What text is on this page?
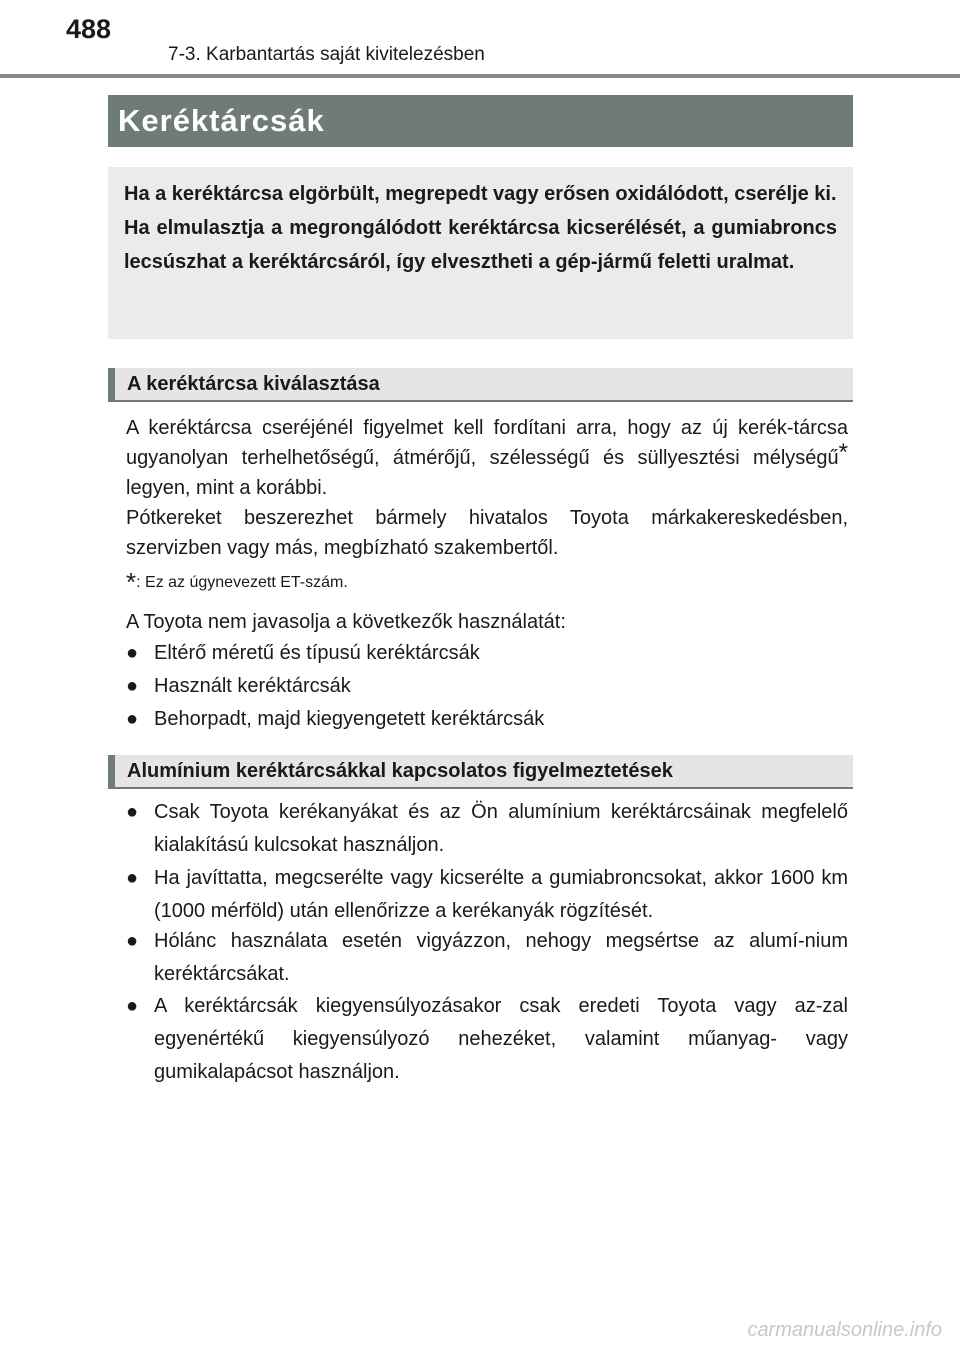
488
7-3. Karbantartás saját kivitelezésben
Keréktárcsák

Ha a keréktárcsa elgörbült, megrepedt vagy erősen oxidálódott, cserélje ki.

Ha elmulasztja a megrongálódott keréktárcsa kicserélését, a gumiabroncs lecsúszhat a keréktárcsáról, így elvesztheti a gép-jármű feletti uralmat.

A keréktárcsa kiválasztása

A keréktárcsa cseréjénél figyelmet kell fordítani arra, hogy az új kerék-tárcsa ugyanolyan terhelhetőségű, átmérőjű, szélességű és süllyesztési mélységű* legyen, mint a korábbi.

Pótkereket beszerezhet bármely hivatalos Toyota márkakereskedésben, szervizben vagy más, megbízható szakembertől.

*: Ez az úgynevezett ET-szám.
A Toyota nem javasolja a következők használatát:
● Eltérő méretű és típusú keréktárcsák
● Használt keréktárcsák
● Behorpadt, majd kiegyengetett keréktárcsák
Alumínium keréktárcsákkal kapcsolatos figyelmeztetések
● Csak Toyota kerékanyákat és az Ön alumínium keréktárcsáinak megfelelő kialakítású kulcsokat használjon.
● Ha javíttatta, megcserélte vagy kicserélte a gumiabroncsokat, akkor 1600 km (1000 mérföld) után ellenőrizze a kerékanyák rögzítését.
● Hólánc használata esetén vigyázzon, nehogy megsértse az alumí-nium keréktárcsákat.
● A keréktárcsák kiegyensúlyozásakor csak eredeti Toyota vagy az-zal egyenértékű kiegyensúlyozó nehezéket, valamint műanyag- vagy gumikalapácsot használjon.
carmanualsonline.info
